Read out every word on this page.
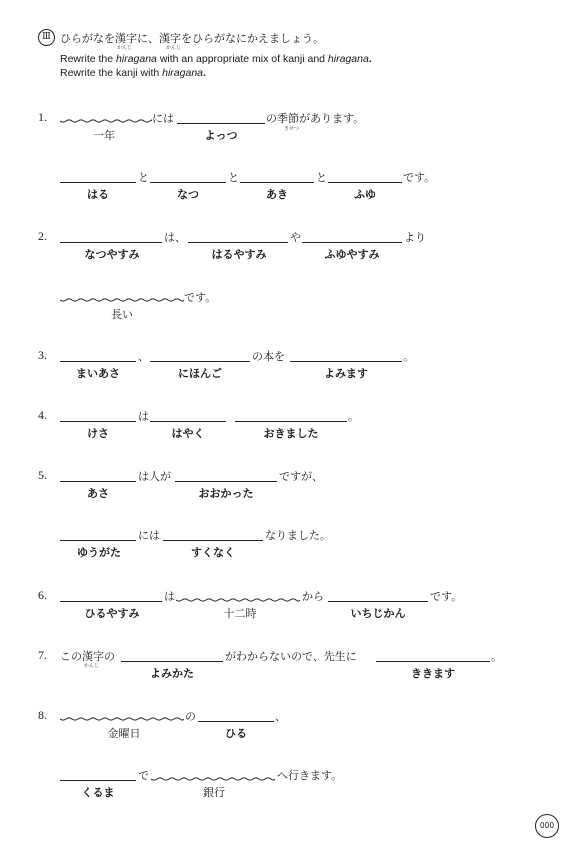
Ⅲ ひらがなを漢字に、漢字をひらがなにかえましょう。
かんじ	かんじ
Rewrite the hiragana with an appropriate mix of kanji and hiragana.
Rewrite the kanji with hiragana.
1.	には	の季節があります。
きせつ
一年	よっつ
と	と	と	です。
はる	なつ	あき	ふゆ
2.	は、	や	より
なつやすみ	はるやすみ	ふゆやすみ
です。
長い
3.	、	の本を	。
まいあさ	にほんご	よみます
4.	は	。
けさ	はやく	おきました
5.	は人が	ですが、
あさ	おおかった
には	なりました。
ゆうがた	すくなく
6.	は	から	です。
ひるやすみ	十二時	いちじかん
7. この漢字の
かんじ
がわからないので、先生に	。
よみかた	ききます
8.	の	、
金曜日	ひる
で	へ行きます。
くるま	銀行
000
